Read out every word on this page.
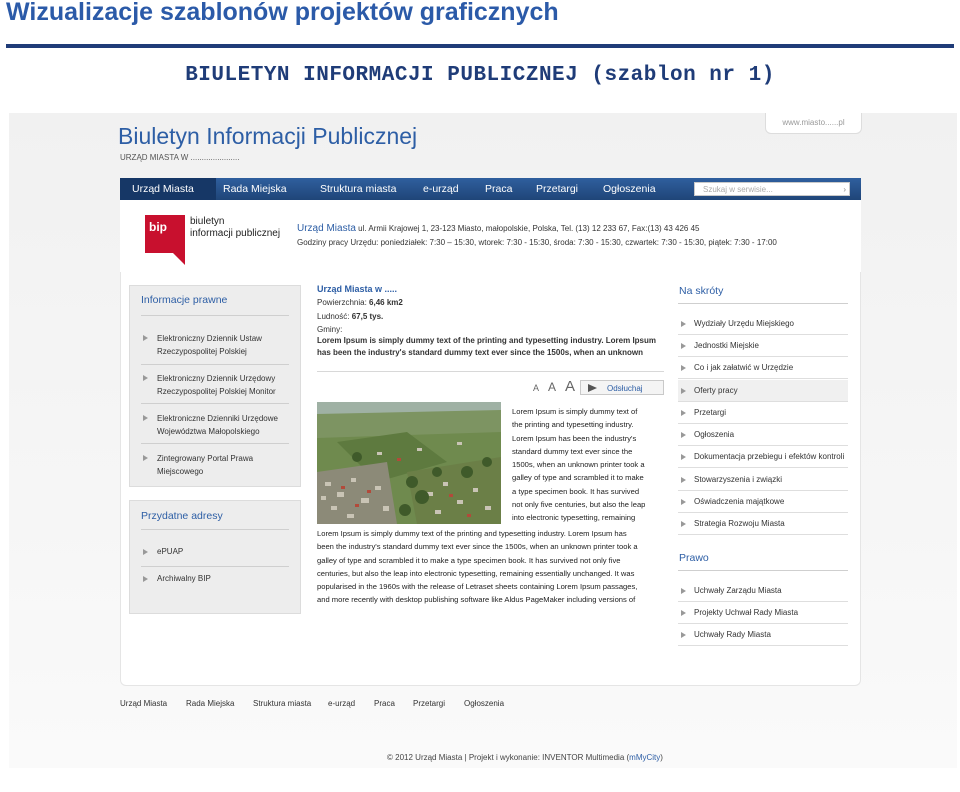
Wizualizacje szablonów projektów graficznych
BIULETYN INFORMACJI PUBLICZNEJ (szablon nr 1)
www.miasto......pl
Biuletyn Informacji Publicznej
URZĄD MIASTA W ......................
Urząd Miasta	Rada Miejska	Struktura miasta	e-urząd	Praca Przetargi Ogłoszenia	Szukaj w serwisie...	›
bip biuletyn
informacji publicznej Urząd Miasta ul. Armii Krajowej 1, 23-123 Miasto, małopolskie, Polska, Tel. (13) 12 233 67, Fax:(13) 43 426 45
Godziny pracy Urzędu: poniedziałek: 7:30 – 15:30, wtorek: 7:30 - 15:30, środa: 7:30 - 15:30, czwartek: 7:30 - 15:30, piątek: 7:30 - 17:00
Informacje prawne
Elektroniczny Dziennik Ustaw
Rzeczypospolitej Polskiej
Elektroniczny Dziennik Urzędowy
Rzeczypospolitej Polskiej Monitor
Elektroniczne Dzienniki Urzędowe
Województwa Małopolskiego
Zintegrowany Portal Prawa
Miejscowego
Przydatne adresy
ePUAP
Archiwalny BIP
Urząd Miasta w .....
Powierzchnia: 6,46 km2
Ludność: 67,5 tys.
Gminy:
Lorem Ipsum is simply dummy text of the printing and typesetting industry. Lorem Ipsum
has been the industry's standard dummy text ever since the 1500s, when an unknown
A A A	Odsłuchaj
Lorem Ipsum is simply dummy text of
the printing and typesetting industry.
Lorem Ipsum has been the industry's
standard dummy text ever since the
1500s, when an unknown printer took a
galley of type and scrambled it to make
a type specimen book. It has survived
not only five centuries, but also the leap
into electronic typesetting, remaining
Lorem Ipsum is simply dummy text of the printing and typesetting industry. Lorem Ipsum has
been the industry's standard dummy text ever since the 1500s, when an unknown printer took a
galley of type and scrambled it to make a type specimen book. It has survived not only five
centuries, but also the leap into electronic typesetting, remaining essentially unchanged. It was
popularised in the 1960s with the release of Letraset sheets containing Lorem Ipsum passages,
and more recently with desktop publishing software like Aldus PageMaker including versions of
Na skróty
Wydziały Urzędu Miejskiego
Jednostki Miejskie
Co i jak załatwić w Urzędzie
Oferty pracy
Przetargi
Ogłoszenia
Dokumentacja przebiegu i efektów kontroli
Stowarzyszenia i związki
Oświadczenia majątkowe
Strategia Rozwoju Miasta
Prawo
Uchwały Zarządu Miasta
Projekty Uchwał Rady Miasta
Uchwały Rady Miasta
Urząd Miasta Rada Miejska Struktura miasta e-urząd Praca Przetargi Ogłoszenia
© 2012 Urząd Miasta | Projekt i wykonanie: INVENTOR Multimedia (mMyCity)
